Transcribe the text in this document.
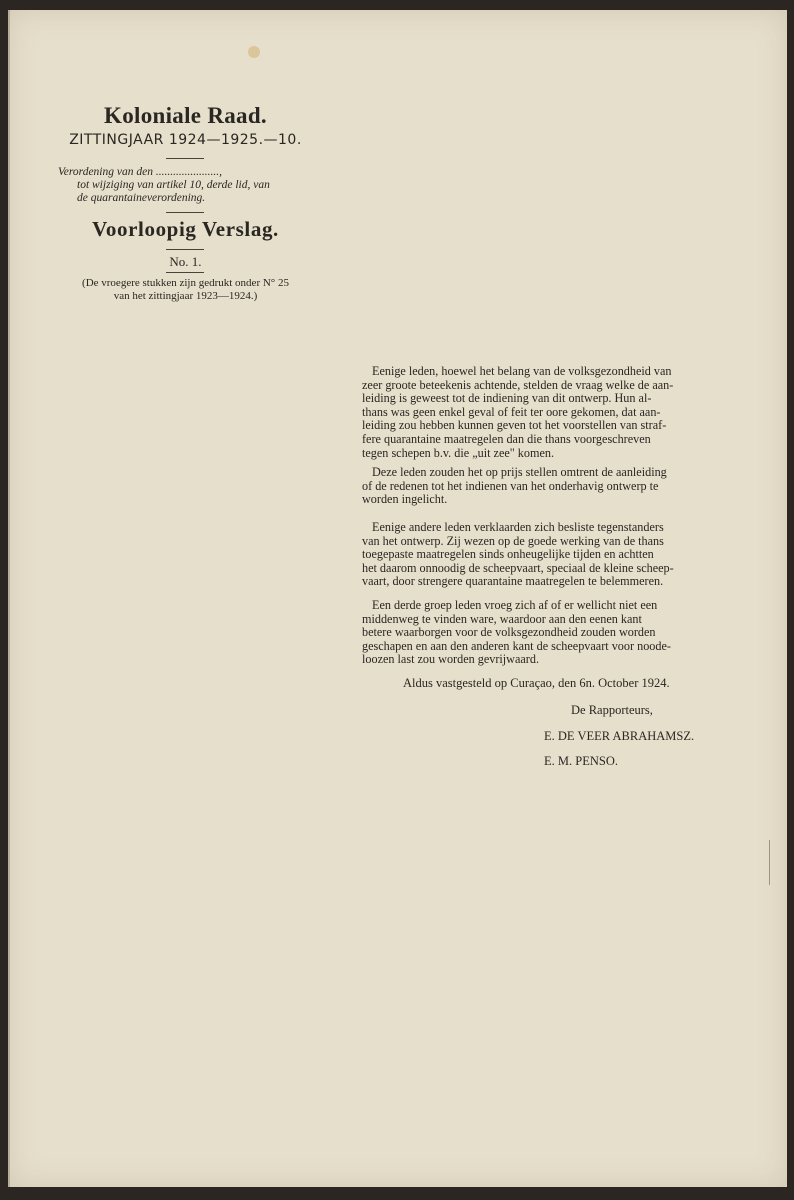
Koloniale Raad.
ZITTINGJAAR 1924—1925.—10.
Verordening van den ......................,
tot wijziging van artikel 10, derde lid, van
de quarantaineverordening.
Voorloopig Verslag.
No. 1.
(De vroegere stukken zijn gedrukt onder N° 25
van het zittingjaar 1923—1924.)
Eenige leden, hoewel het belang van de volksgezondheid van
zeer groote beteekenis achtende, stelden de vraag welke de aan-
leiding is geweest tot de indiening van dit ontwerp. Hun al-
thans was geen enkel geval of feit ter oore gekomen, dat aan-
leiding zou hebben kunnen geven tot het voorstellen van straf-
fere quarantaine maatregelen dan die thans voorgeschreven
tegen schepen b.v. die „uit zee" komen.
Deze leden zouden het op prijs stellen omtrent de aanleiding
of de redenen tot het indienen van het onderhavig ontwerp te
worden ingelicht.
Eenige andere leden verklaarden zich besliste tegenstanders
van het ontwerp. Zij wezen op de goede werking van de thans
toegepaste maatregelen sinds onheugelijke tijden en achtten
het daarom onnoodig de scheepvaart, speciaal de kleine scheep-
vaart, door strengere quarantaine maatregelen te belemmeren.
Een derde groep leden vroeg zich af of er wellicht niet een
middenweg te vinden ware, waardoor aan den eenen kant
betere waarborgen voor de volksgezondheid zouden worden
geschapen en aan den anderen kant de scheepvaart voor noode-
loozen last zou worden gevrijwaard.
Aldus vastgesteld op Curaçao, den 6n. October 1924.
De Rapporteurs,
E. DE VEER ABRAHAMSZ.
E. M. PENSO.
